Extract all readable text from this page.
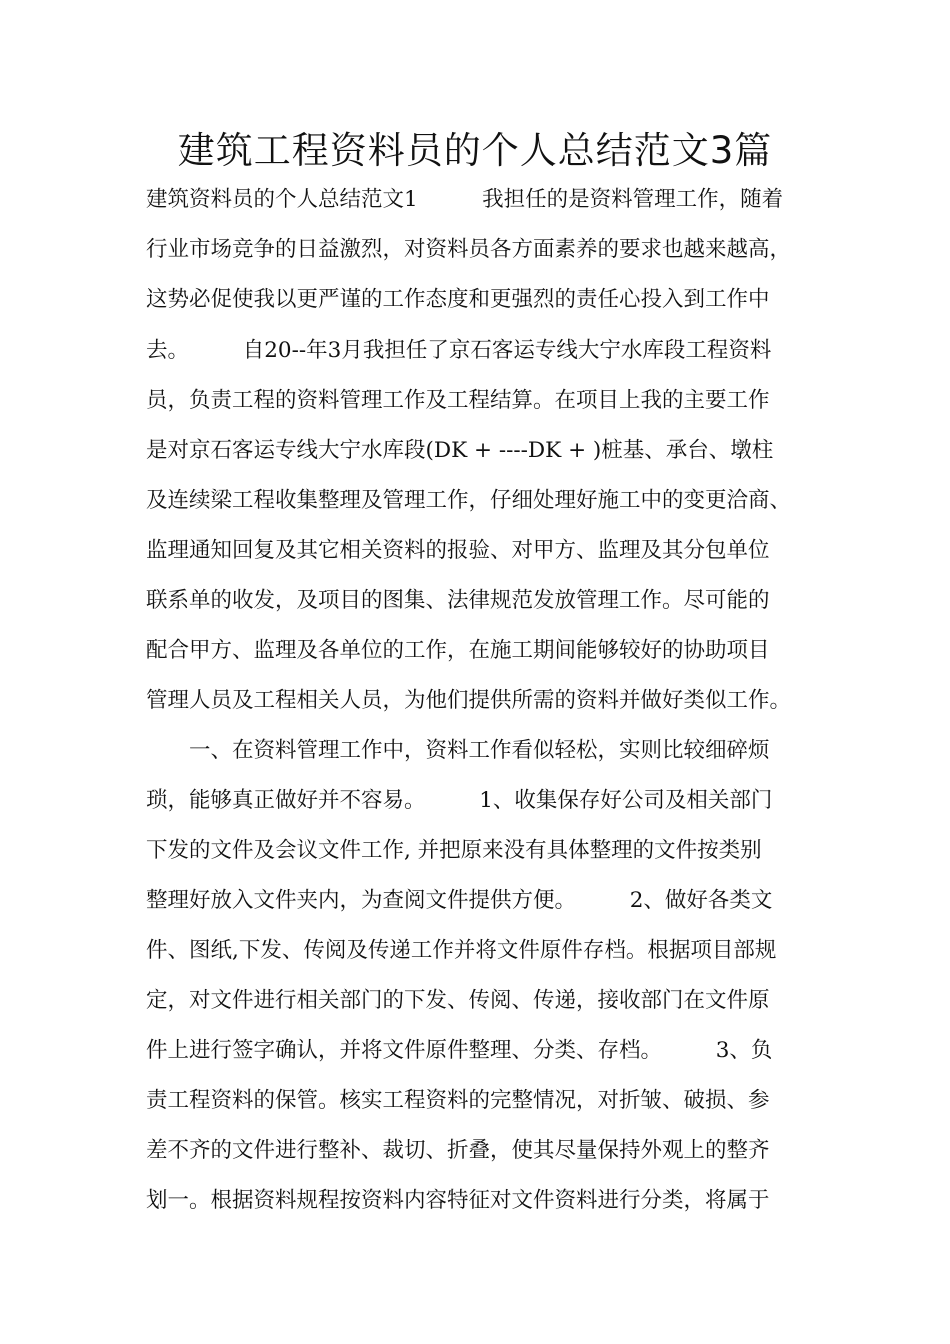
建筑工程资料员的个人总结范文3篇
建筑资料员的个人总结范文1　　　我担任的是资料管理工作，随着
行业市场竞争的日益激烈，对资料员各方面素养的要求也越来越高，
这势必促使我以更严谨的工作态度和更强烈的责任心投入到工作中
去。　　　自20--年3月我担任了京石客运专线大宁水库段工程资料
员，负责工程的资料管理工作及工程结算。在项目上我的主要工作
是对京石客运专线大宁水库段(DK + ----DK + )桩基、承台、墩柱
及连续梁工程收集整理及管理工作，仔细处理好施工中的变更洽商、
监理通知回复及其它相关资料的报验、对甲方、监理及其分包单位
联系单的收发，及项目的图集、法律规范发放管理工作。尽可能的
配合甲方、监理及各单位的工作，在施工期间能够较好的协助项目
管理人员及工程相关人员，为他们提供所需的资料并做好类似工作。
　　一、在资料管理工作中，资料工作看似轻松，实则比较细碎烦
琐，能够真正做好并不容易。　　　1、收集保存好公司及相关部门
下发的文件及会议文件工作, 并把原来没有具体整理的文件按类别
整理好放入文件夹内，为查阅文件提供方便。　　　2、做好各类文
件、图纸,下发、传阅及传递工作并将文件原件存档。根据项目部规
定，对文件进行相关部门的下发、传阅、传递，接收部门在文件原
件上进行签字确认，并将文件原件整理、分类、存档。　　　3、负
责工程资料的保管。核实工程资料的完整情况，对折皱、破损、参
差不齐的文件进行整补、裁切、折叠，使其尽量保持外观上的整齐
划一。根据资料规程按资料内容特征对文件资料进行分类，将属于
